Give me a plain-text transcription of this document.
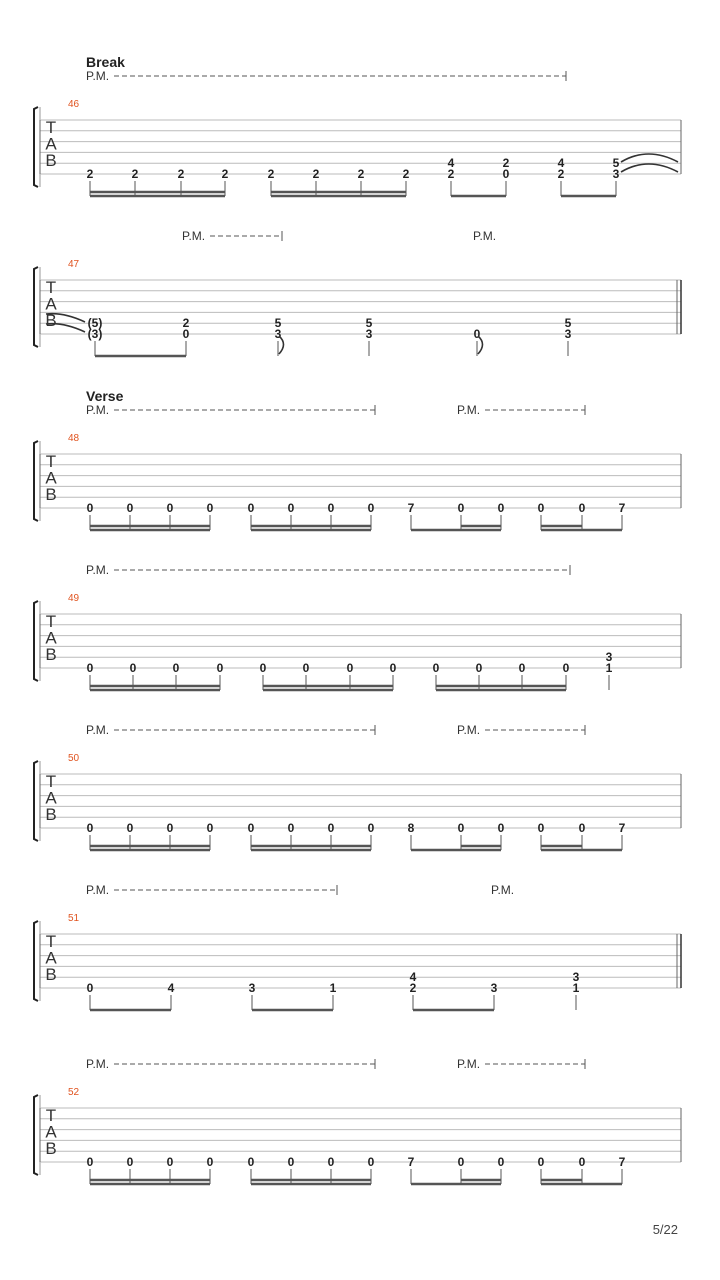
T
A
B
46
Break
P.M.
2	2	2	2	2	2	2	2
4
2
2
0
4
2
5
3
T
A
B
47
P.M.	P.M.
(5)
(3)
2
0
5
3
5
3	0
5
3
T
A
B
48
Verse
P.M.	P.M.
0	0	0	0	0	0	0	0	7	0	0	0	0	7
T
A
B
49
P.M.
0	0	0	0	0	0	0	0	0	0	0	0
3
1
T
A
B
50
P.M.	P.M.
0	0	0	0	0	0	0	0	8	0	0	0	0	7
T
A
B
51
P.M.	P.M.
0	4	3	1
4
2	3
3
1
T
A
B
52
P.M.	P.M.
0	0	0	0	0	0	0	0	7	0	0	0	0	7
5/22
